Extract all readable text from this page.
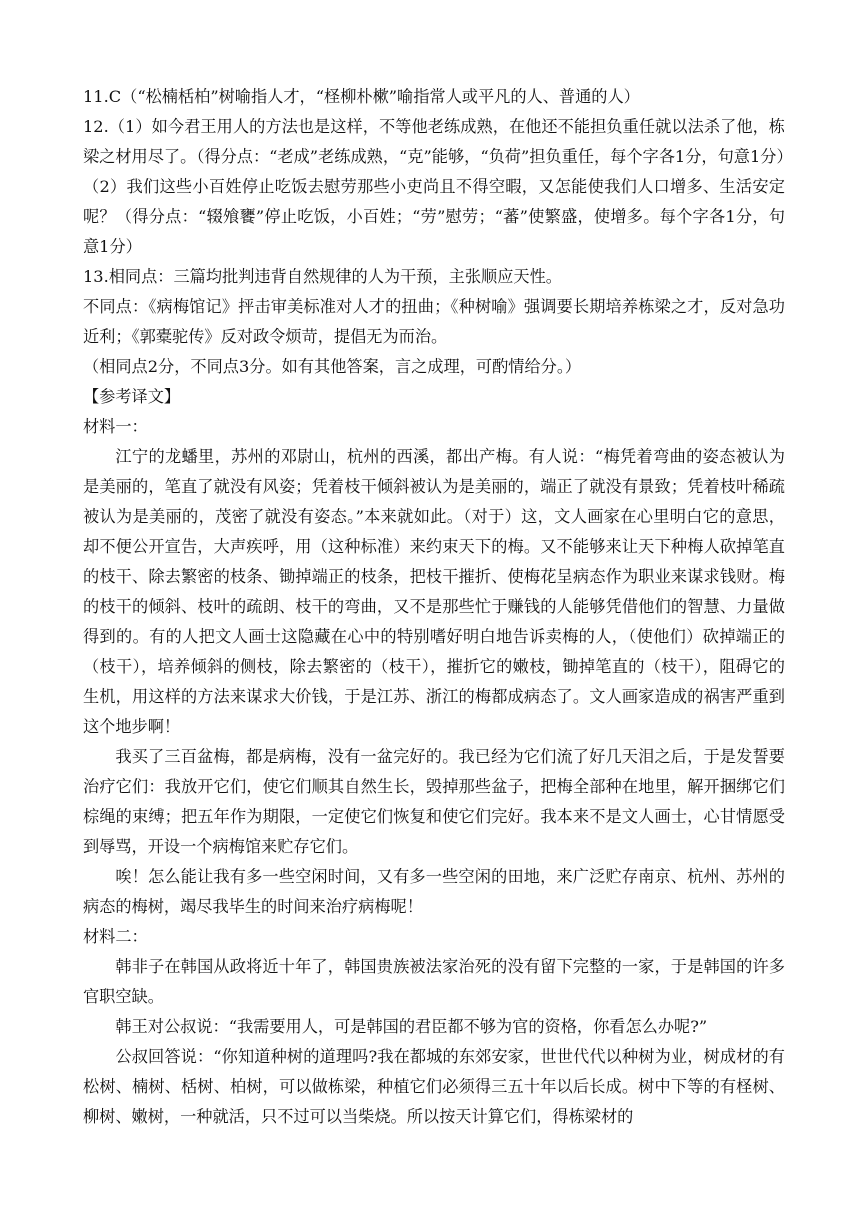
11.C（“松楠栝柏”树喻指人才，“柽柳朴樕”喻指常人或平凡的人、普通的人）
12.（1）如今君王用人的方法也是这样，不等他老练成熟，在他还不能担负重任就以法杀了他，栋梁之材用尽了。（得分点：“老成”老练成熟，“克”能够，“负荷”担负重任，每个字各1分，句意1分）
（2）我们这些小百姓停止吃饭去慰劳那些小吏尚且不得空暇，又怎能使我们人口增多、生活安定呢？（得分点：“辍飧饔”停止吃饭，小百姓；“劳”慰劳；“蕃”使繁盛，使增多。每个字各1分，句意1分）
13.相同点：三篇均批判违背自然规律的人为干预，主张顺应天性。
不同点：《病梅馆记》抨击审美标准对人才的扭曲；《种树喻》强调要长期培养栋梁之才，反对急功近利；《郭橐驼传》反对政令烦苛，提倡无为而治。
（相同点2分，不同点3分。如有其他答案，言之成理，可酌情给分。）
【参考译文】
材料一：
江宁的龙蟠里，苏州的邓尉山，杭州的西溪，都出产梅。有人说：“梅凭着弯曲的姿态被认为是美丽的，笔直了就没有风姿；凭着枝干倾斜被认为是美丽的，端正了就没有景致；凭着枝叶稀疏被认为是美丽的，茂密了就没有姿态。”本来就如此。（对于）这，文人画家在心里明白它的意思，却不便公开宣告，大声疾呼，用（这种标准）来约束天下的梅。又不能够来让天下种梅人砍掉笔直的枝干、除去繁密的枝条、锄掉端正的枝条，把枝干摧折、使梅花呈病态作为职业来谋求钱财。梅的枝干的倾斜、枝叶的疏朗、枝干的弯曲，又不是那些忙于赚钱的人能够凭借他们的智慧、力量做得到的。有的人把文人画士这隐藏在心中的特别嗜好明白地告诉卖梅的人，（使他们）砍掉端正的（枝干），培养倾斜的侧枝，除去繁密的（枝干），摧折它的嫩枝，锄掉笔直的（枝干），阻碍它的生机，用这样的方法来谋求大价钱，于是江苏、浙江的梅都成病态了。文人画家造成的祸害严重到这个地步啊！
我买了三百盆梅，都是病梅，没有一盆完好的。我已经为它们流了好几天泪之后，于是发誓要治疗它们：我放开它们，使它们顺其自然生长，毁掉那些盆子，把梅全部种在地里，解开捆绑它们棕绳的束缚；把五年作为期限，一定使它们恢复和使它们完好。我本来不是文人画士，心甘情愿受到辱骂，开设一个病梅馆来贮存它们。
唉！怎么能让我有多一些空闲时间，又有多一些空闲的田地，来广泛贮存南京、杭州、苏州的病态的梅树，竭尽我毕生的时间来治疗病梅呢！
材料二：
韩非子在韩国从政将近十年了，韩国贵族被法家治死的没有留下完整的一家，于是韩国的许多官职空缺。
韩王对公叔说：“我需要用人，可是韩国的君臣都不够为官的资格，你看怎么办呢?”
公叔回答说：“你知道种树的道理吗?我在都城的东郊安家，世世代代以种树为业，树成材的有松树、楠树、栝树、柏树，可以做栋梁，种植它们必须得三五十年以后长成。树中下等的有柽树、柳树、嫩树，一种就活，只不过可以当柴烧。所以按天计算它们，得栋梁材的
